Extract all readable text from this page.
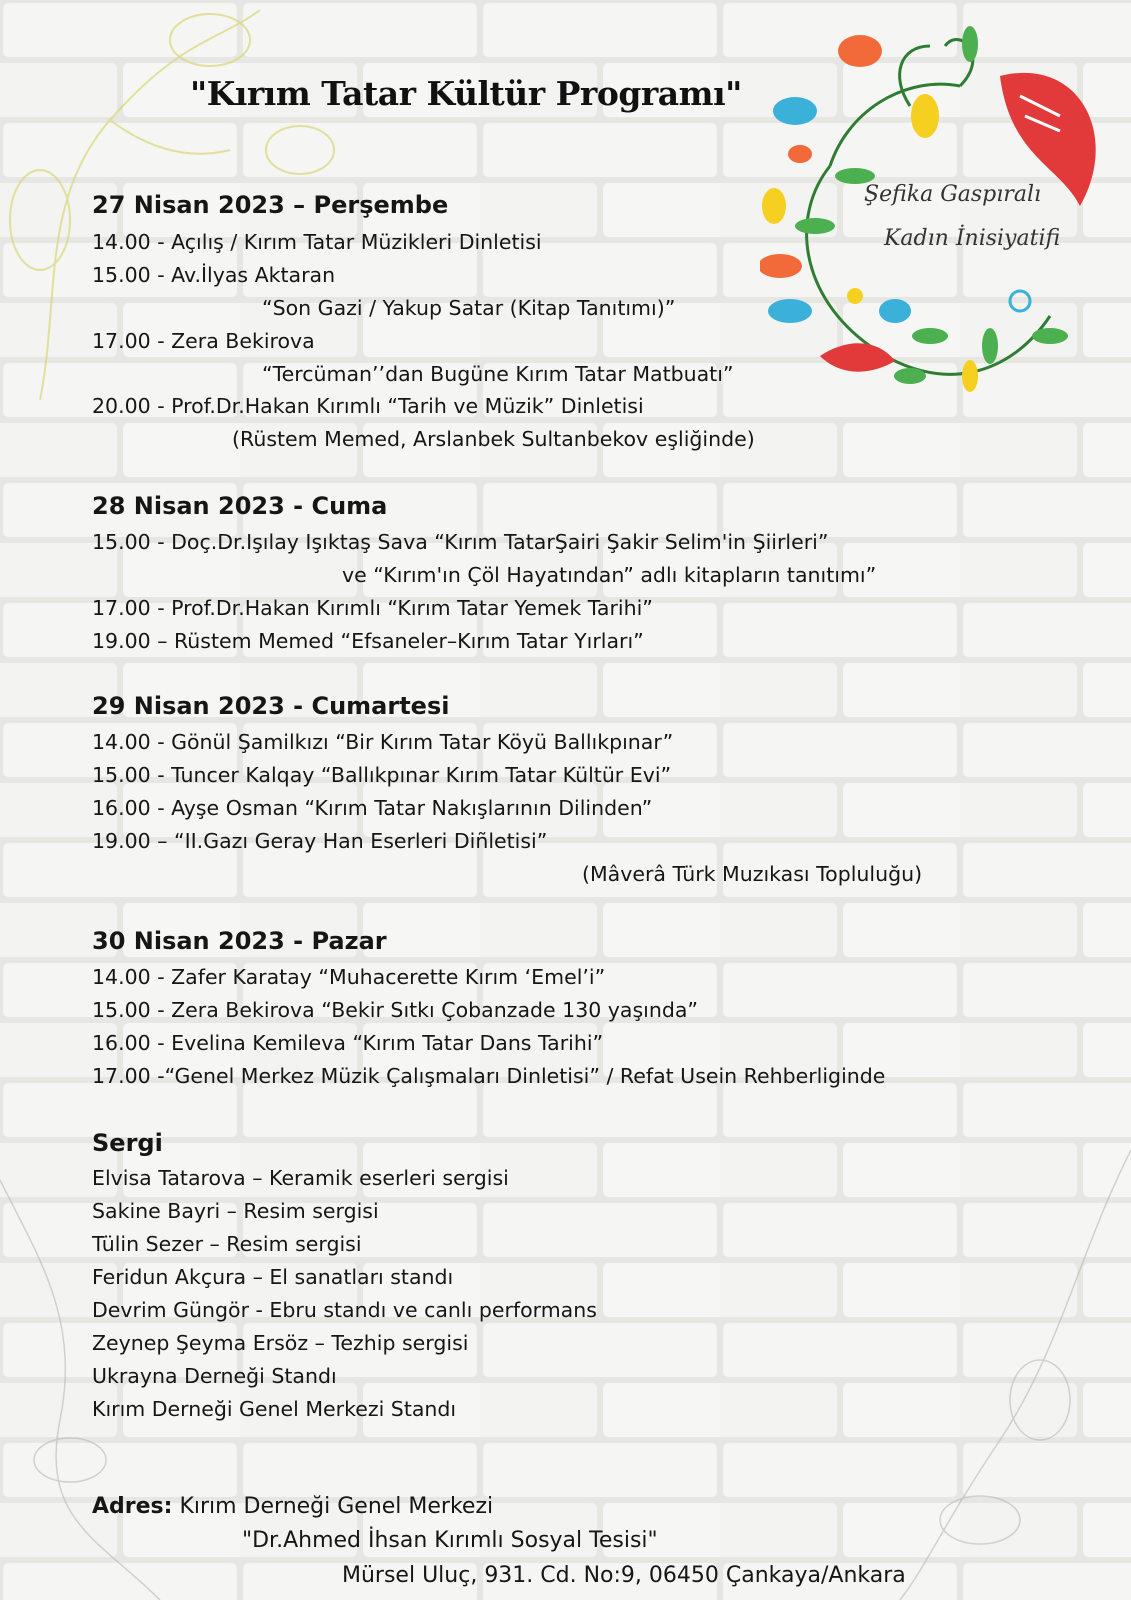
"Kırım Tatar Kültür Programı"
Şefika Gaspıralı
Kadın İnisiyatifi
27 Nisan 2023 – Perşembe
14.00 - Açılış / Kırım Tatar Müzikleri Dinletisi
15.00 - Av.İlyas Aktaran
“Son Gazi / Yakup Satar (Kitap Tanıtımı)”
17.00 - Zera Bekirova
“Tercüman’’dan Bugüne Kırım Tatar Matbuatı”
20.00 - Prof.Dr.Hakan Kırımlı “Tarih ve Müzik” Dinletisi
(Rüstem Memed, Arslanbek Sultanbekov eşliğinde)
28 Nisan 2023 - Cuma
15.00 - Doç.Dr.Işılay Işıktaş Sava “Kırım TatarŞairi Şakir Selim'in Şiirleri”
ve “Kırım'ın Çöl Hayatından” adlı kitapların tanıtımı”
17.00 - Prof.Dr.Hakan Kırımlı “Kırım Tatar Yemek Tarihi”
19.00 – Rüstem Memed “Efsaneler–Kırım Tatar Yırları”
29 Nisan 2023 - Cumartesi
14.00 - Gönül Şamilkızı “Bir Kırım Tatar Köyü Ballıkpınar”
15.00 - Tuncer Kalqay “Ballıkpınar Kırım Tatar Kültür Evi”
16.00 - Ayşe Osman “Kırım Tatar Nakışlarının Dilinden”
19.00 – “II.Gazı Geray Han Eserleri Diñletisi”
(Mâverâ Türk Muzıkası Topluluğu)
30 Nisan 2023 - Pazar
14.00 - Zafer Karatay “Muhacerette Kırım ‘Emel’i”
15.00 - Zera Bekirova “Bekir Sıtkı Çobanzade 130 yaşında”
16.00 - Evelina Kemileva “Kırım Tatar Dans Tarihi”
17.00 -“Genel Merkez Müzik Çalışmaları Dinletisi” / Refat Usein Rehberliginde
Sergi
Elvisa Tatarova – Keramik eserleri sergisi
Sakine Bayri – Resim sergisi
Tülin Sezer – Resim sergisi
Feridun Akçura – El sanatları standı
Devrim Güngör - Ebru standı ve canlı performans
Zeynep Şeyma Ersöz – Tezhip sergisi
Ukrayna Derneği Standı
Kırım Derneği Genel Merkezi Standı
Adres: Kırım Derneği Genel Merkezi
"Dr.Ahmed İhsan Kırımlı Sosyal Tesisi"
Mürsel Uluç, 931. Cd. No:9, 06450 Çankaya/Ankara
